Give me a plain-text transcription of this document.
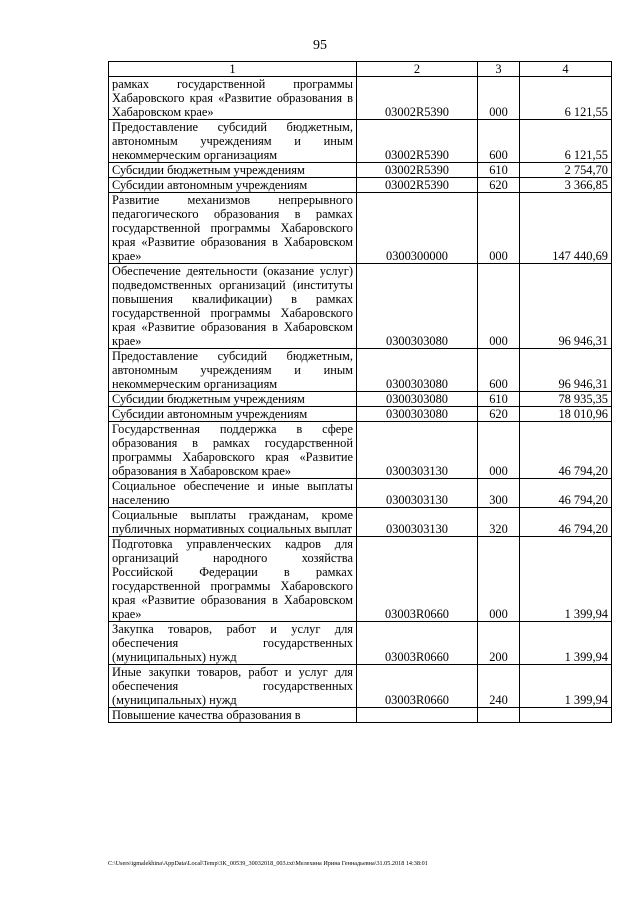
95
1	2	3	4
рамках государственной программы Хабаровского края «Развитие образования в Хабаровском крае»	03002R5390	000	6 121,55
Предоставление субсидий бюджетным, автономным учреждениям и иным некоммерческим организациям	03002R5390	600	6 121,55
Субсидии бюджетным учреждениям	03002R5390	610	2 754,70
Субсидии автономным учреждениям	03002R5390	620	3 366,85
Развитие механизмов непрерывного педагогического образования в рамках государственной программы Хабаровского края «Развитие образования в Хабаровском крае»	0300300000	000	147 440,69
Обеспечение деятельности (оказание услуг) подведомственных организаций (институты повышения квалификации) в рамках государственной программы Хабаровского края «Развитие образования в Хабаровском крае»	0300303080	000	96 946,31
Предоставление субсидий бюджетным, автономным учреждениям и иным некоммерческим организациям	0300303080	600	96 946,31
Субсидии бюджетным учреждениям	0300303080	610	78 935,35
Субсидии автономным учреждениям	0300303080	620	18 010,96
Государственная поддержка в сфере образования в рамках государственной программы Хабаровского края «Развитие образования в Хабаровском крае»	0300303130	000	46 794,20
Социальное обеспечение и иные выплаты населению	0300303130	300	46 794,20
Социальные выплаты гражданам, кроме публичных нормативных социальных выплат	0300303130	320	46 794,20
Подготовка управленческих кадров для организаций народного хозяйства Российской Федерации в рамках государственной программы Хабаровского края «Развитие образования в Хабаровском крае»	03003R0660	000	1 399,94
Закупка товаров, работ и услуг для обеспечения государственных (муниципальных) нужд	03003R0660	200	1 399,94
Иные закупки товаров, работ и услуг для обеспечения государственных (муниципальных) нужд	03003R0660	240	1 399,94
Повышение качества образования в			
C:\Users\igmalekhina\AppData\Local\Temp\3K_00539_30032018_003.txt\Мелехина Ирина Геннадьевна\31.05.2018 14:38:01
